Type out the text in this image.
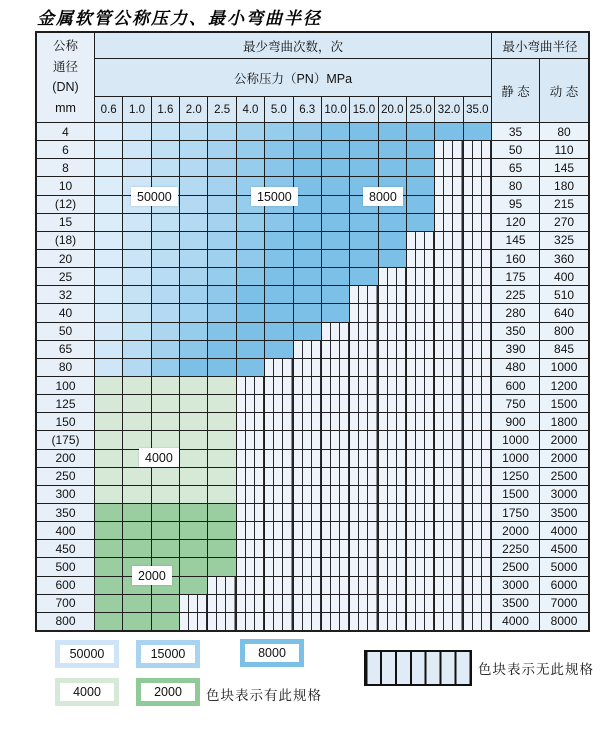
金属软管公称压力、最小弯曲半径
公称
通径
(DN)
mm
最少弯曲次数，次	最小弯曲半径
公称压力（PN）MPa
静 态	动 态
0.6	1.0	1.6	2.0	2.5	4.0	5.0	6.3 10.0 15.0 20.0 25.0 32.0 35.0
4	35	80
6	50	110
8	65	145
10	80	180
(12)	95	215
15	120	270
(18)	145	325
20	160	360
25	175	400
32	225	510
40	280	640
50	350	800
65	390	845
80	480	1000
100	600	1200
125	750	1500
150	900	1800
(175)	1000	2000
200	1000	2000
250	1250	2500
300	1500	3000
350	1750	3500
400	2000	4000
450	2250	4500
500	2500	5000
600	3000	6000
700	3500	7000
800	4000	8000
50000	15000	8000
4000
2000
色块表示无此规格
色块表示有此规格
50000	15000	8000
4000	2000
